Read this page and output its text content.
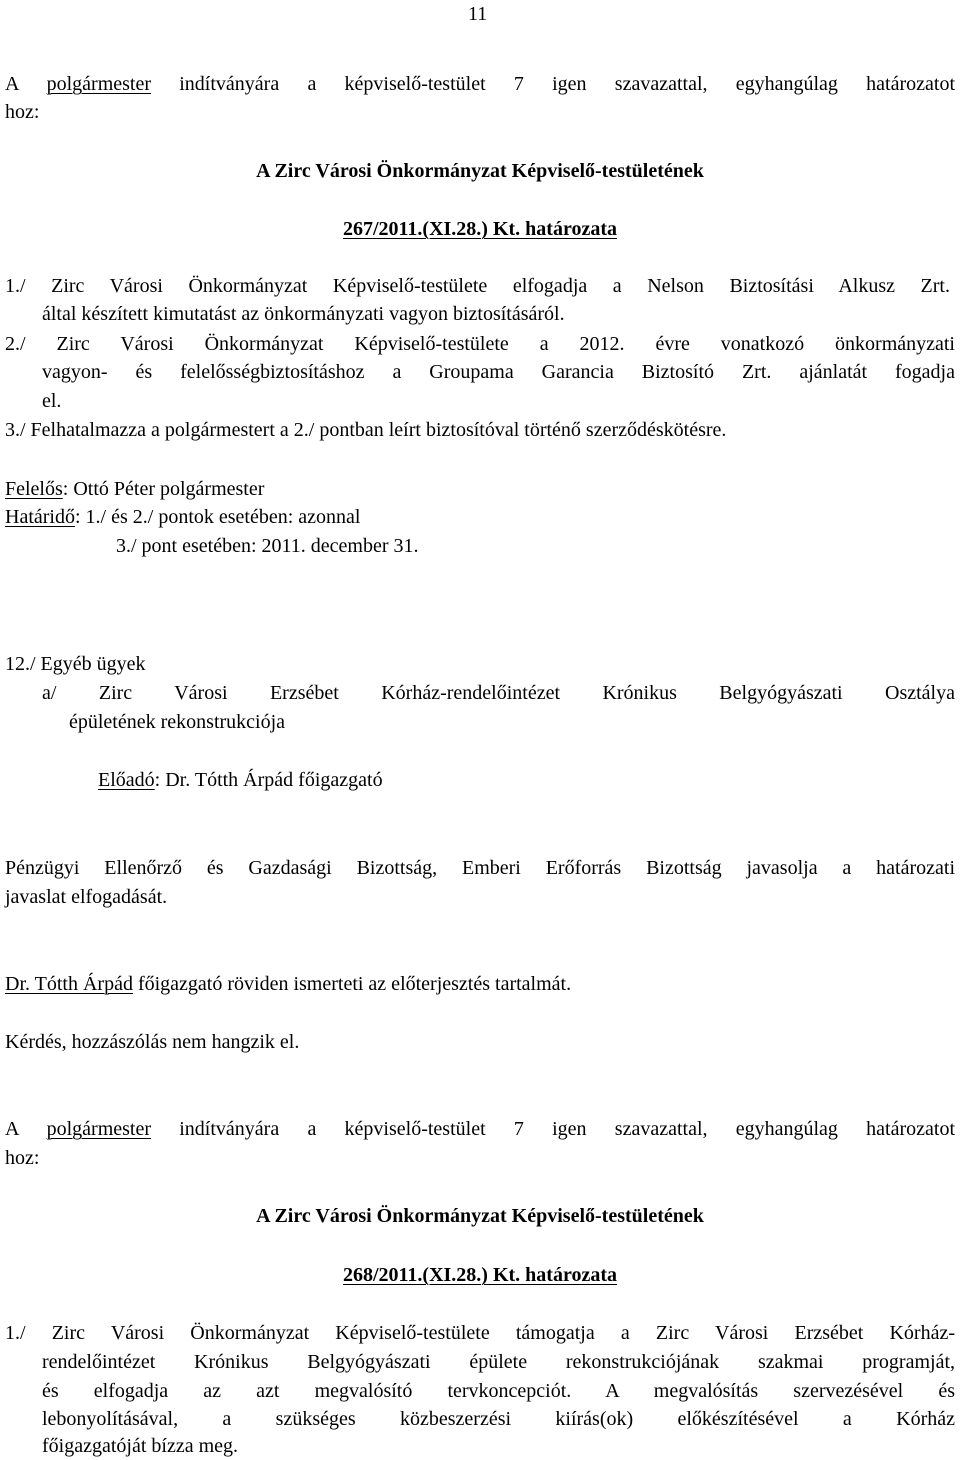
11
A polgármester indítványára a képviselő-testület 7 igen szavazattal, egyhangúlag határozatot
hoz:
A Zirc Városi Önkormányzat Képviselő-testületének
267/2011.(XI.28.) Kt. határozata
1./ Zirc Városi Önkormányzat Képviselő-testülete elfogadja a Nelson Biztosítási Alkusz Zrt.
által készített kimutatást az önkormányzati vagyon biztosításáról.
2./ Zirc Városi Önkormányzat Képviselő-testülete a 2012. évre vonatkozó önkormányzati
vagyon- és felelősségbiztosításhoz a Groupama Garancia Biztosító Zrt. ajánlatát fogadja
el.
3./ Felhatalmazza a polgármestert a 2./ pontban leírt biztosítóval történő szerződéskötésre.
Felelős: Ottó Péter polgármester
Határidő: 1./ és 2./ pontok esetében: azonnal
3./ pont esetében: 2011. december 31.
12./ Egyéb ügyek
a/ Zirc Városi Erzsébet Kórház-rendelőintézet Krónikus Belgyógyászati Osztálya
épületének rekonstrukciója
Előadó: Dr. Tótth Árpád főigazgató
Pénzügyi Ellenőrző és Gazdasági Bizottság, Emberi Erőforrás Bizottság javasolja a határozati
javaslat elfogadását.
Dr. Tótth Árpád főigazgató röviden ismerteti az előterjesztés tartalmát.
Kérdés, hozzászólás nem hangzik el.
A polgármester indítványára a képviselő-testület 7 igen szavazattal, egyhangúlag határozatot
hoz:
A Zirc Városi Önkormányzat Képviselő-testületének
268/2011.(XI.28.) Kt. határozata
1./ Zirc Városi Önkormányzat Képviselő-testülete támogatja a Zirc Városi Erzsébet Kórház-
rendelőintézet Krónikus Belgyógyászati épülete rekonstrukciójának szakmai programját,
és elfogadja az azt megvalósító tervkoncepciót. A megvalósítás szervezésével és
lebonyolításával, a szükséges közbeszerzési kiírás(ok) előkészítésével a Kórház
főigazgatóját bízza meg.
